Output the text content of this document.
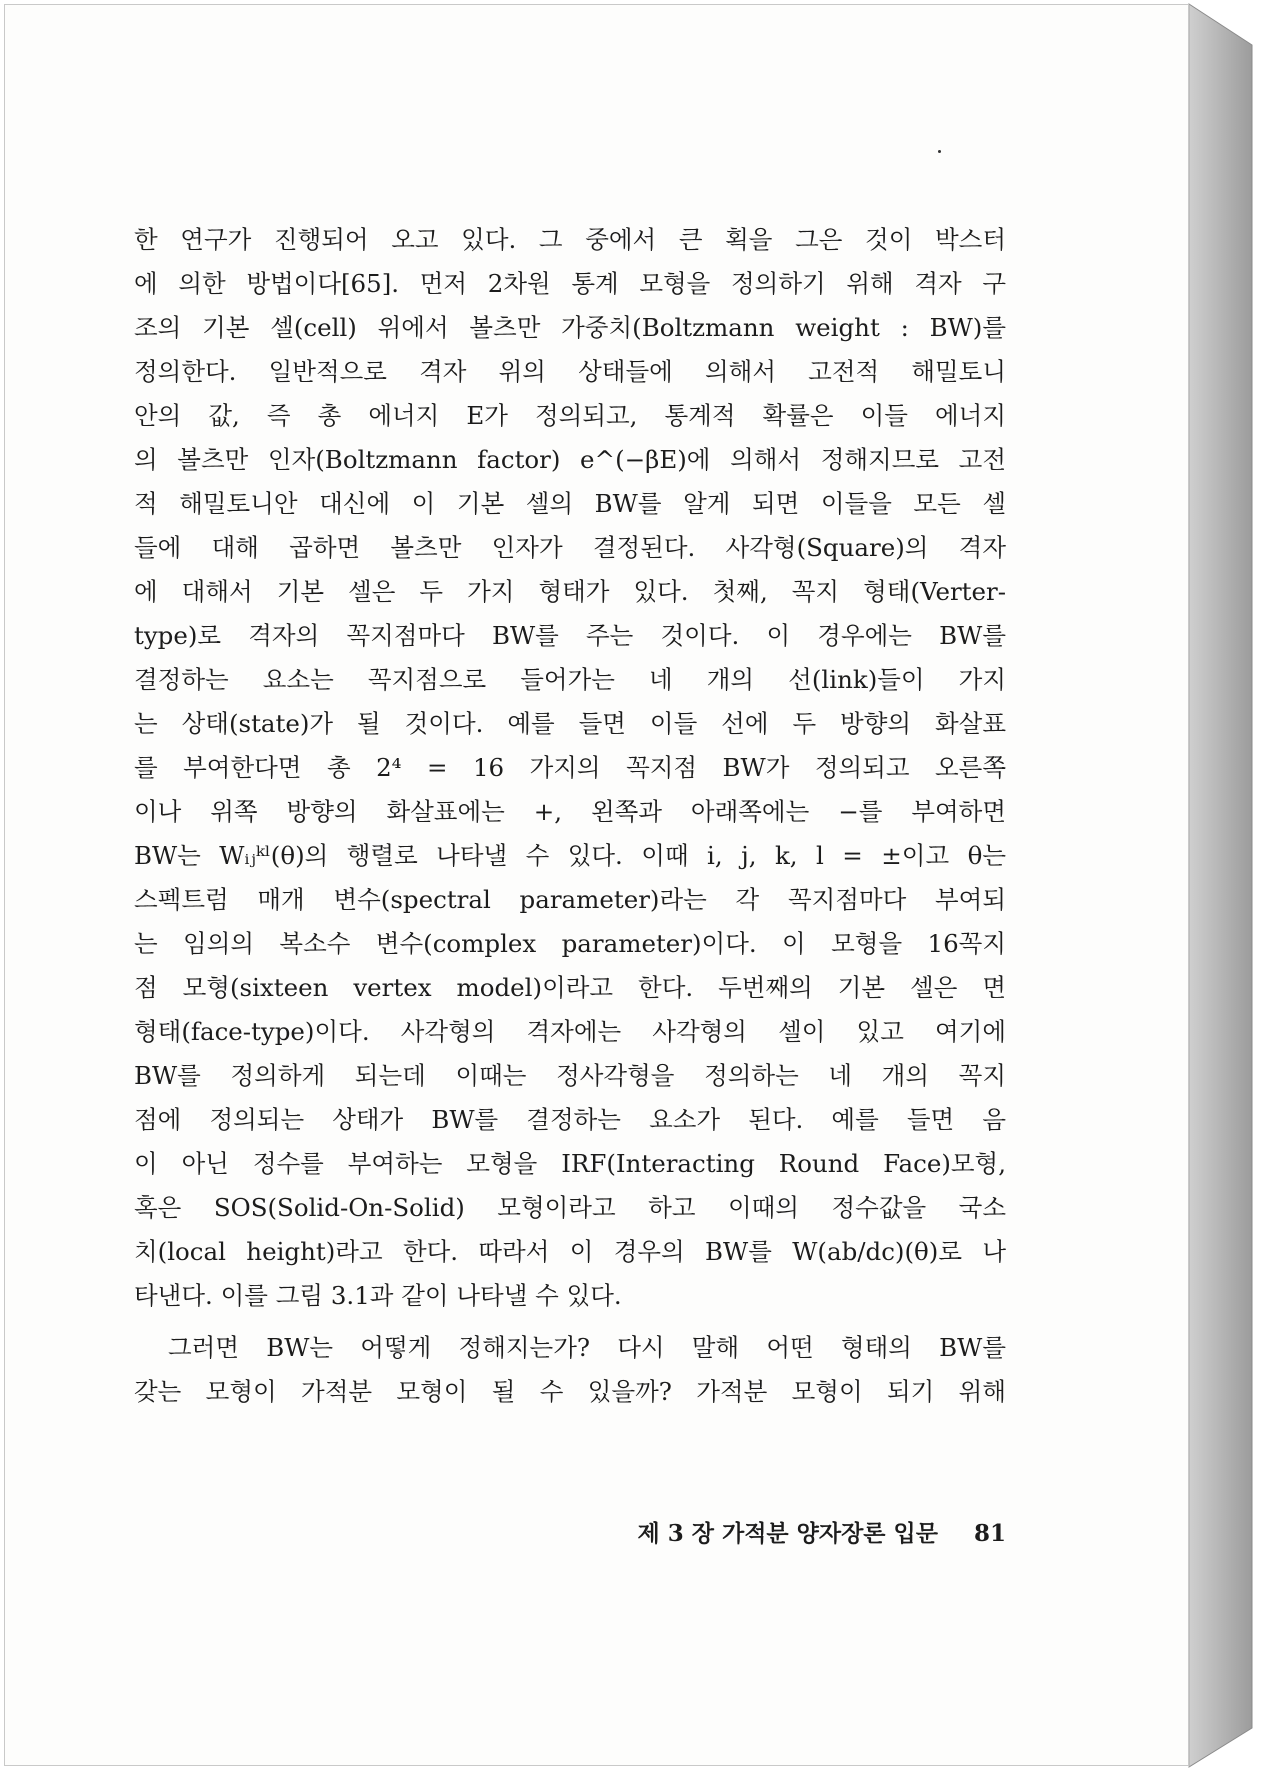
한 연구가 진행되어 오고 있다. 그 중에서 큰 획을 그은 것이 박스터
에 의한 방법이다[65]. 먼저 2차원 통계 모형을 정의하기 위해 격자 구
조의 기본 셀(cell) 위에서 볼츠만 가중치(Boltzmann weight : BW)를
정의한다. 일반적으로 격자 위의 상태들에 의해서 고전적 해밀토니
안의 값, 즉 총 에너지 E가 정의되고, 통계적 확률은 이들 에너지
의 볼츠만 인자(Boltzmann factor) e^(−βE)에 의해서 정해지므로 고전
적 해밀토니안 대신에 이 기본 셀의 BW를 알게 되면 이들을 모든 셀
들에 대해 곱하면 볼츠만 인자가 결정된다. 사각형(Square)의 격자
에 대해서 기본 셀은 두 가지 형태가 있다. 첫째, 꼭지 형태(Verter-
type)로 격자의 꼭지점마다 BW를 주는 것이다. 이 경우에는 BW를
결정하는 요소는 꼭지점으로 들어가는 네 개의 선(link)들이 가지
는 상태(state)가 될 것이다. 예를 들면 이들 선에 두 방향의 화살표
를 부여한다면 총 2⁴ = 16 가지의 꼭지점 BW가 정의되고 오른쪽
이나 위쪽 방향의 화살표에는 +, 왼쪽과 아래쪽에는 −를 부여하면
BW는 Wᵢⱼᵏˡ(θ)의 행렬로 나타낼 수 있다. 이때 i, j, k, l = ±이고 θ는
스펙트럼 매개 변수(spectral parameter)라는 각 꼭지점마다 부여되
는 임의의 복소수 변수(complex parameter)이다. 이 모형을 16꼭지
점 모형(sixteen vertex model)이라고 한다. 두번째의 기본 셀은 면
형태(face-type)이다. 사각형의 격자에는 사각형의 셀이 있고 여기에
BW를 정의하게 되는데 이때는 정사각형을 정의하는 네 개의 꼭지
점에 정의되는 상태가 BW를 결정하는 요소가 된다. 예를 들면 음
이 아닌 정수를 부여하는 모형을 IRF(Interacting Round Face)모형,
혹은 SOS(Solid-On-Solid) 모형이라고 하고 이때의 정수값을 국소
치(local height)라고 한다. 따라서 이 경우의 BW를 W(ab/dc)(θ)로 나
타낸다. 이를 그림 3.1과 같이 나타낼 수 있다.
그러면 BW는 어떻게 정해지는가? 다시 말해 어떤 형태의 BW를
갖는 모형이 가적분 모형이 될 수 있을까? 가적분 모형이 되기 위해
제 3 장 가적분 양자장론 입문 81
